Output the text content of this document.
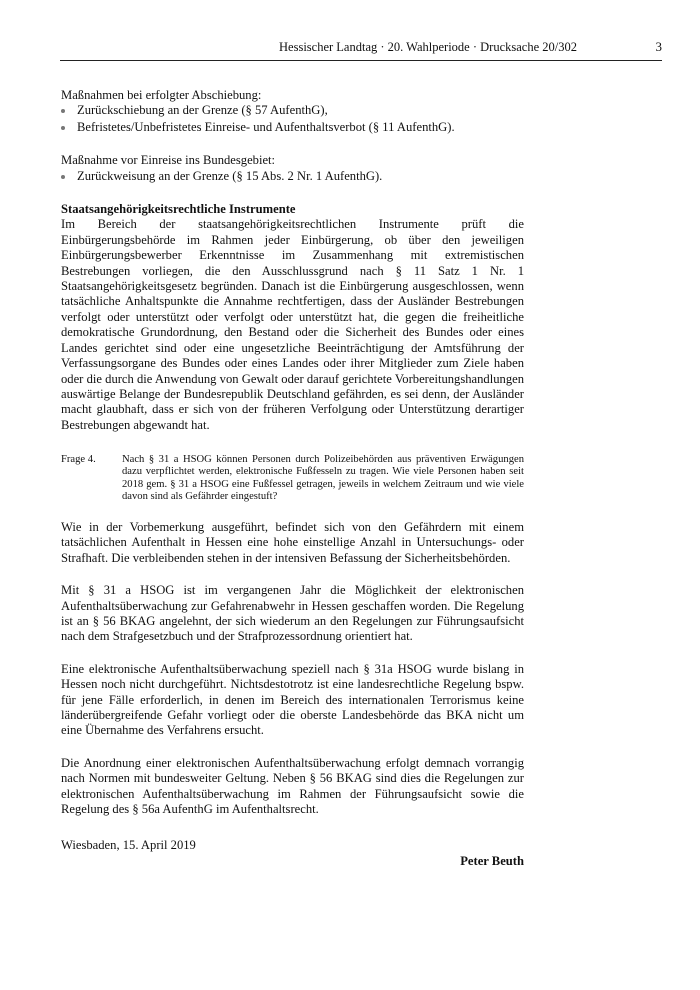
Hessischer Landtag · 20. Wahlperiode · Drucksache 20/302	3

Maßnahmen bei erfolgter Abschiebung:

Zurückschiebung an der Grenze (§ 57 AufenthG),
Befristetes/Unbefristetes Einreise- und Aufenthaltsverbot (§ 11 AufenthG).

Maßnahme vor Einreise ins Bundesgebiet:

Zurückweisung an der Grenze (§ 15 Abs. 2 Nr. 1 AufenthG).

Staatsangehörigkeitsrechtliche Instrumente

Im Bereich der staatsangehörigkeitsrechtlichen Instrumente prüft die Einbürgerungsbehörde im Rahmen jeder Einbürgerung, ob über den jeweiligen Einbürgerungsbewerber Erkenntnisse im Zusammenhang mit extremistischen Bestrebungen vorliegen, die den Ausschlussgrund nach § 11 Satz 1 Nr. 1 Staatsangehörigkeitsgesetz begründen. Danach ist die Einbürgerung ausgeschlossen, wenn tatsächliche Anhaltspunkte die Annahme rechtfertigen, dass der Ausländer Bestrebungen verfolgt oder unterstützt oder verfolgt oder unterstützt hat, die gegen die freiheitliche demokratische Grundordnung, den Bestand oder die Sicherheit des Bundes oder eines Landes gerichtet sind oder eine ungesetzliche Beeinträchtigung der Amtsführung der Verfassungsorgane des Bundes oder eines Landes oder ihrer Mitglieder zum Ziele haben oder die durch die Anwendung von Gewalt oder darauf gerichtete Vorbereitungshandlungen auswärtige Belange der Bundesrepublik Deutschland gefährden, es sei denn, der Ausländer macht glaubhaft, dass er sich von der früheren Verfolgung oder Unterstützung derartiger Bestrebungen abgewandt hat.

Frage 4.	Nach § 31 a HSOG können Personen durch Polizeibehörden aus präventiven Erwägungen dazu verpflichtet werden, elektronische Fußfesseln zu tragen. Wie viele Personen haben seit 2018 gem. § 31 a HSOG eine Fußfessel getragen, jeweils in welchem Zeitraum und wie viele davon sind als Gefährder eingestuft?

Wie in der Vorbemerkung ausgeführt, befindet sich von den Gefährdern mit einem tatsächlichen Aufenthalt in Hessen eine hohe einstellige Anzahl in Untersuchungs- oder Strafhaft. Die verbleibenden stehen in der intensiven Befassung der Sicherheitsbehörden.

Mit § 31 a HSOG ist im vergangenen Jahr die Möglichkeit der elektronischen Aufenthaltsüberwachung zur Gefahrenabwehr in Hessen geschaffen worden. Die Regelung ist an § 56 BKAG angelehnt, der sich wiederum an den Regelungen zur Führungsaufsicht nach dem Strafgesetzbuch und der Strafprozessordnung orientiert hat.

Eine elektronische Aufenthaltsüberwachung speziell nach § 31a HSOG wurde bislang in Hessen noch nicht durchgeführt. Nichtsdestotrotz ist eine landesrechtliche Regelung bspw. für jene Fälle erforderlich, in denen im Bereich des internationalen Terrorismus keine länderübergreifende Gefahr vorliegt oder die oberste Landesbehörde das BKA nicht um eine Übernahme des Verfahrens ersucht.

Die Anordnung einer elektronischen Aufenthaltsüberwachung erfolgt demnach vorrangig nach Normen mit bundesweiter Geltung. Neben § 56 BKAG sind dies die Regelungen zur elektronischen Aufenthaltsüberwachung im Rahmen der Führungsaufsicht sowie die Regelung des § 56a AufenthG im Aufenthaltsrecht.

Wiesbaden, 15. April 2019

Peter Beuth
